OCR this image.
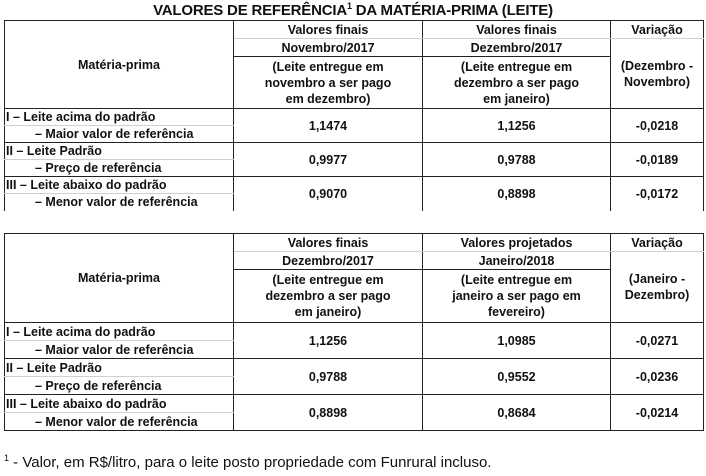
VALORES DE REFERÊNCIA$^1$ DA MATÉRIA-PRIMA (LEITE)
Matéria-prima	Valores finais	Valores finais	Variação
	Novembro/2017	Dezembro/2017	(Dezembro - Novembro)
	(Leite entregue em novembro a ser pago em dezembro)	(Leite entregue em dezembro a ser pago em janeiro)	

I – Leite acima do padrão	1,1474	1,1256	-0,0218

– Maior valor de referência			

II – Leite Padrão	0,9977	0,9788	-0,0189

– Preço de referência			

III – Leite abaixo do padrão	0,9070	0,8898	-0,0172

– Menor valor de referência			
Matéria-prima	Valores finais	Valores projetados	Variação
	Dezembro/2017	Janeiro/2018	(Janeiro - Dezembro)
	(Leite entregue em dezembro a ser pago em janeiro)	(Leite entregue em janeiro a ser pago em fevereiro)	

I – Leite acima do padrão	1,1256	1,0985	-0,0271

– Maior valor de referência			

II – Leite Padrão	0,9788	0,9552	-0,0236

– Preço de referência			

III – Leite abaixo do padrão	0,8898	0,8684	-0,0214

– Menor valor de referência			
$^1$ - Valor, em R$/litro, para o leite posto propriedade com Funrural incluso.
